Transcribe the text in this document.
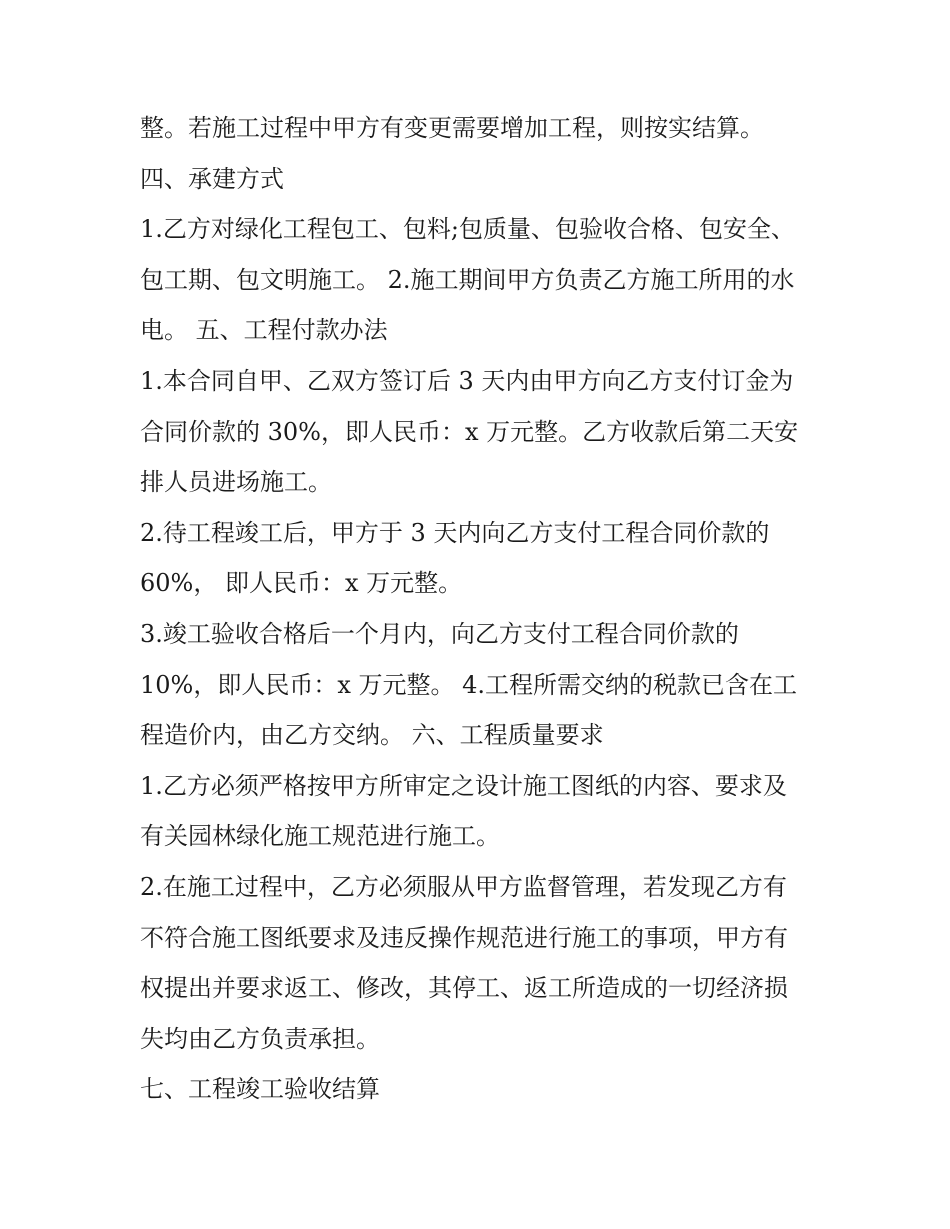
整。若施工过程中甲方有变更需要增加工程，则按实结算。
四、承建方式
1.乙方对绿化工程包工、包料;包质量、包验收合格、包安全、
包工期、包文明施工。 2.施工期间甲方负责乙方施工所用的水
电。 五、工程付款办法
1.本合同自甲、乙双方签订后 3 天内由甲方向乙方支付订金为
合同价款的 30%，即人民币：x 万元整。乙方收款后第二天安
排人员进场施工。
2.待工程竣工后，甲方于 3 天内向乙方支付工程合同价款的
60%， 即人民币：x 万元整。
3.竣工验收合格后一个月内，向乙方支付工程合同价款的
10%，即人民币：x 万元整。 4.工程所需交纳的税款已含在工
程造价内，由乙方交纳。 六、工程质量要求
1.乙方必须严格按甲方所审定之设计施工图纸的内容、要求及
有关园林绿化施工规范进行施工。
2.在施工过程中，乙方必须服从甲方监督管理，若发现乙方有
不符合施工图纸要求及违反操作规范进行施工的事项，甲方有
权提出并要求返工、修改，其停工、返工所造成的一切经济损
失均由乙方负责承担。
七、工程竣工验收结算
